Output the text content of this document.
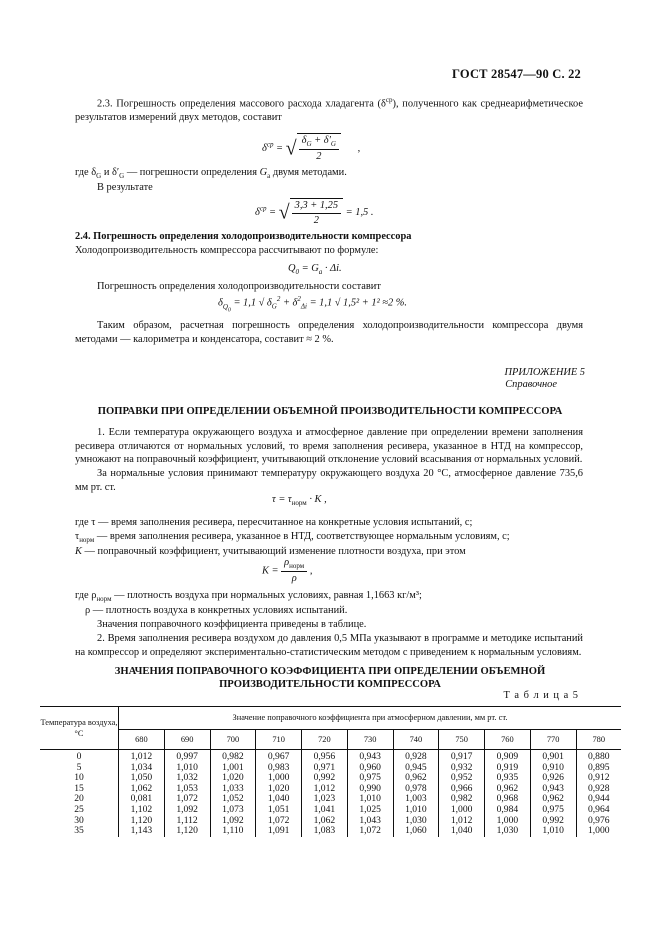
ГОСТ 28547—90 С. 22

2.3. Погрешность определения массового расхода хладагента $(\delta^{ср})$, полученного как среднеарифметическое результатов измерений двух методов, составит

$\delta^{ср}$ = √ $\frac{\delta_G + \delta'_G}{2}$ ,

где $\delta_G$ и $\delta'_G$ — погрешности определения $G_a$ двумя методами.

В результате

$\delta^{ср}$ = √ $\frac{3,3 + 1,25}{2} = 1,5$ .

2.4. Погрешность определения холодопроизводительности компрессора

Холодопроизводительность компрессора рассчитывают по формуле:

$Q_0 = G_a \cdot \Delta i$.

Погрешность определения холодопроизводительности составит

$\delta_{Q_0} = 1,1$ √ $\delta_G^2 + \delta^2_{\Delta i} = 1,1$ √ 1,5² + 1² ≈2 %.

Таким образом, расчетная погрешность определения холодопроизводительности компрессора двумя методами — калориметра и конденсатора, составит ≈ 2 %.

ПРИЛОЖЕНИЕ 5
Справочное
ПОПРАВКИ ПРИ ОПРЕДЕЛЕНИИ ОБЪЕМНОЙ ПРОИЗВОДИТЕЛЬНОСТИ КОМПРЕССОРА

1. Если температура окружающего воздуха и атмосферное давление при определении времени заполнения ресивера отличаются от нормальных условий, то время заполнения ресивера, указанное в НТД на компрессор, умножают на поправочный коэффициент, учитывающий отклонение условий всасывания от нормальных условий.

За нормальные условия принимают температуру окружающего воздуха 20 °С, атмосферное давление 735,6 мм рт. ст.

$\tau = \tau_{норм} \cdot K$ ,

где τ — время заполнения ресивера, пересчитанное на конкретные условия испытаний, с;

$\tau_{норм}$ — время заполнения ресивера, указанное в НТД, соответствующее нормальным условиям, с;

K — поправочный коэффициент, учитывающий изменение плотности воздуха, при этом

$K = \frac{\rho_{норм}}{\rho}$ ,

где $\rho_{норм}$ — плотность воздуха при нормальных условиях, равная 1,1663 кг/м³;

ρ — плотность воздуха в конкретных условиях испытаний.

Значения поправочного коэффициента приведены в таблице.

2. Время заполнения ресивера воздухом до давления 0,5 МПа указывают в программе и методике испытаний на компрессор и определяют экспериментально-статистическим методом с приведением к нормальным условиям.

ЗНАЧЕНИЯ ПОПРАВОЧНОГО КОЭФФИЦИЕНТА ПРИ ОПРЕДЕЛЕНИИ ОБЪЕМНОЙ ПРОИЗВОДИТЕЛЬНОСТИ КОМПРЕССОРА
Т а б л и ц а 5
Температура воздуха, °С	Значение поправочного коэффициента при атмосферном давлении, мм рт. ст.										
	680	690	700	710	720	730	740	750	760	770	780
0	1,012	0,997	0,982	0,967	0,956	0,943	0,928	0,917	0,909	0,901	0,880
5	1,034	1,010	1,001	0,983	0,971	0,960	0,945	0,932	0,919	0,910	0,895
10	1,050	1,032	1,020	1,000	0,992	0,975	0,962	0,952	0,935	0,926	0,912
15	1,062	1,053	1,033	1,020	1,012	0,990	0,978	0,966	0,962	0,943	0,928
20	0,081	1,072	1,052	1,040	1,023	1,010	1,003	0,982	0,968	0,962	0,944
25	1,102	1,092	1,073	1,051	1,041	1,025	1,010	1,000	0,984	0,975	0,964
30	1,120	1,112	1,092	1,072	1,062	1,043	1,030	1,012	1,000	0,992	0,976
35	1,143	1,120	1,110	1,091	1,083	1,072	1,060	1,040	1,030	1,010	1,000
